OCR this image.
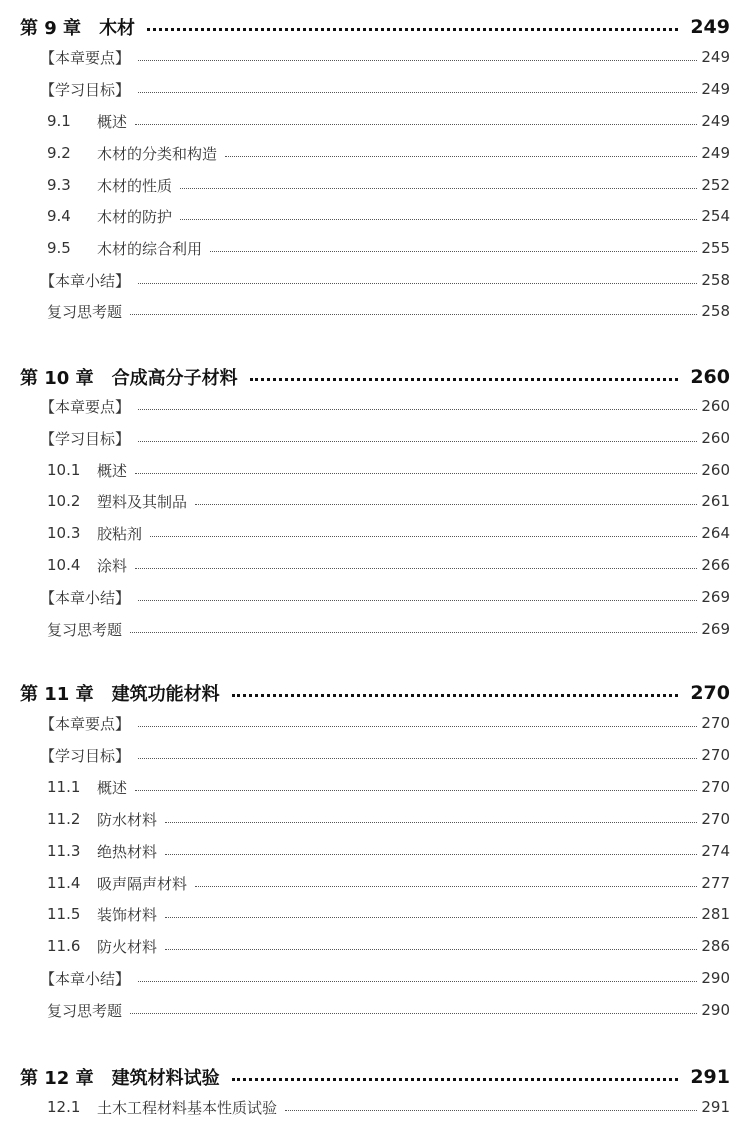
第 9 章 木材	249
【本章要点】	249
【学习目标】	249
9.1	概述	249
9.2	木材的分类和构造	249
9.3	木材的性质	252
9.4	木材的防护	254
9.5	木材的综合利用	255
【本章小结】	258
复习思考题	258
第 10 章 合成高分子材料	260
【本章要点】	260
【学习目标】	260
10.1	概述	260
10.2	塑料及其制品	261
10.3	胶粘剂	264
10.4	涂料	266
【本章小结】	269
复习思考题	269
第 11 章 建筑功能材料	270
【本章要点】	270
【学习目标】	270
11.1	概述	270
11.2	防水材料	270
11.3	绝热材料	274
11.4	吸声隔声材料	277
11.5	装饰材料	281
11.6	防火材料	286
【本章小结】	290
复习思考题	290
第 12 章 建筑材料试验	291
12.1	土木工程材料基本性质试验	291
